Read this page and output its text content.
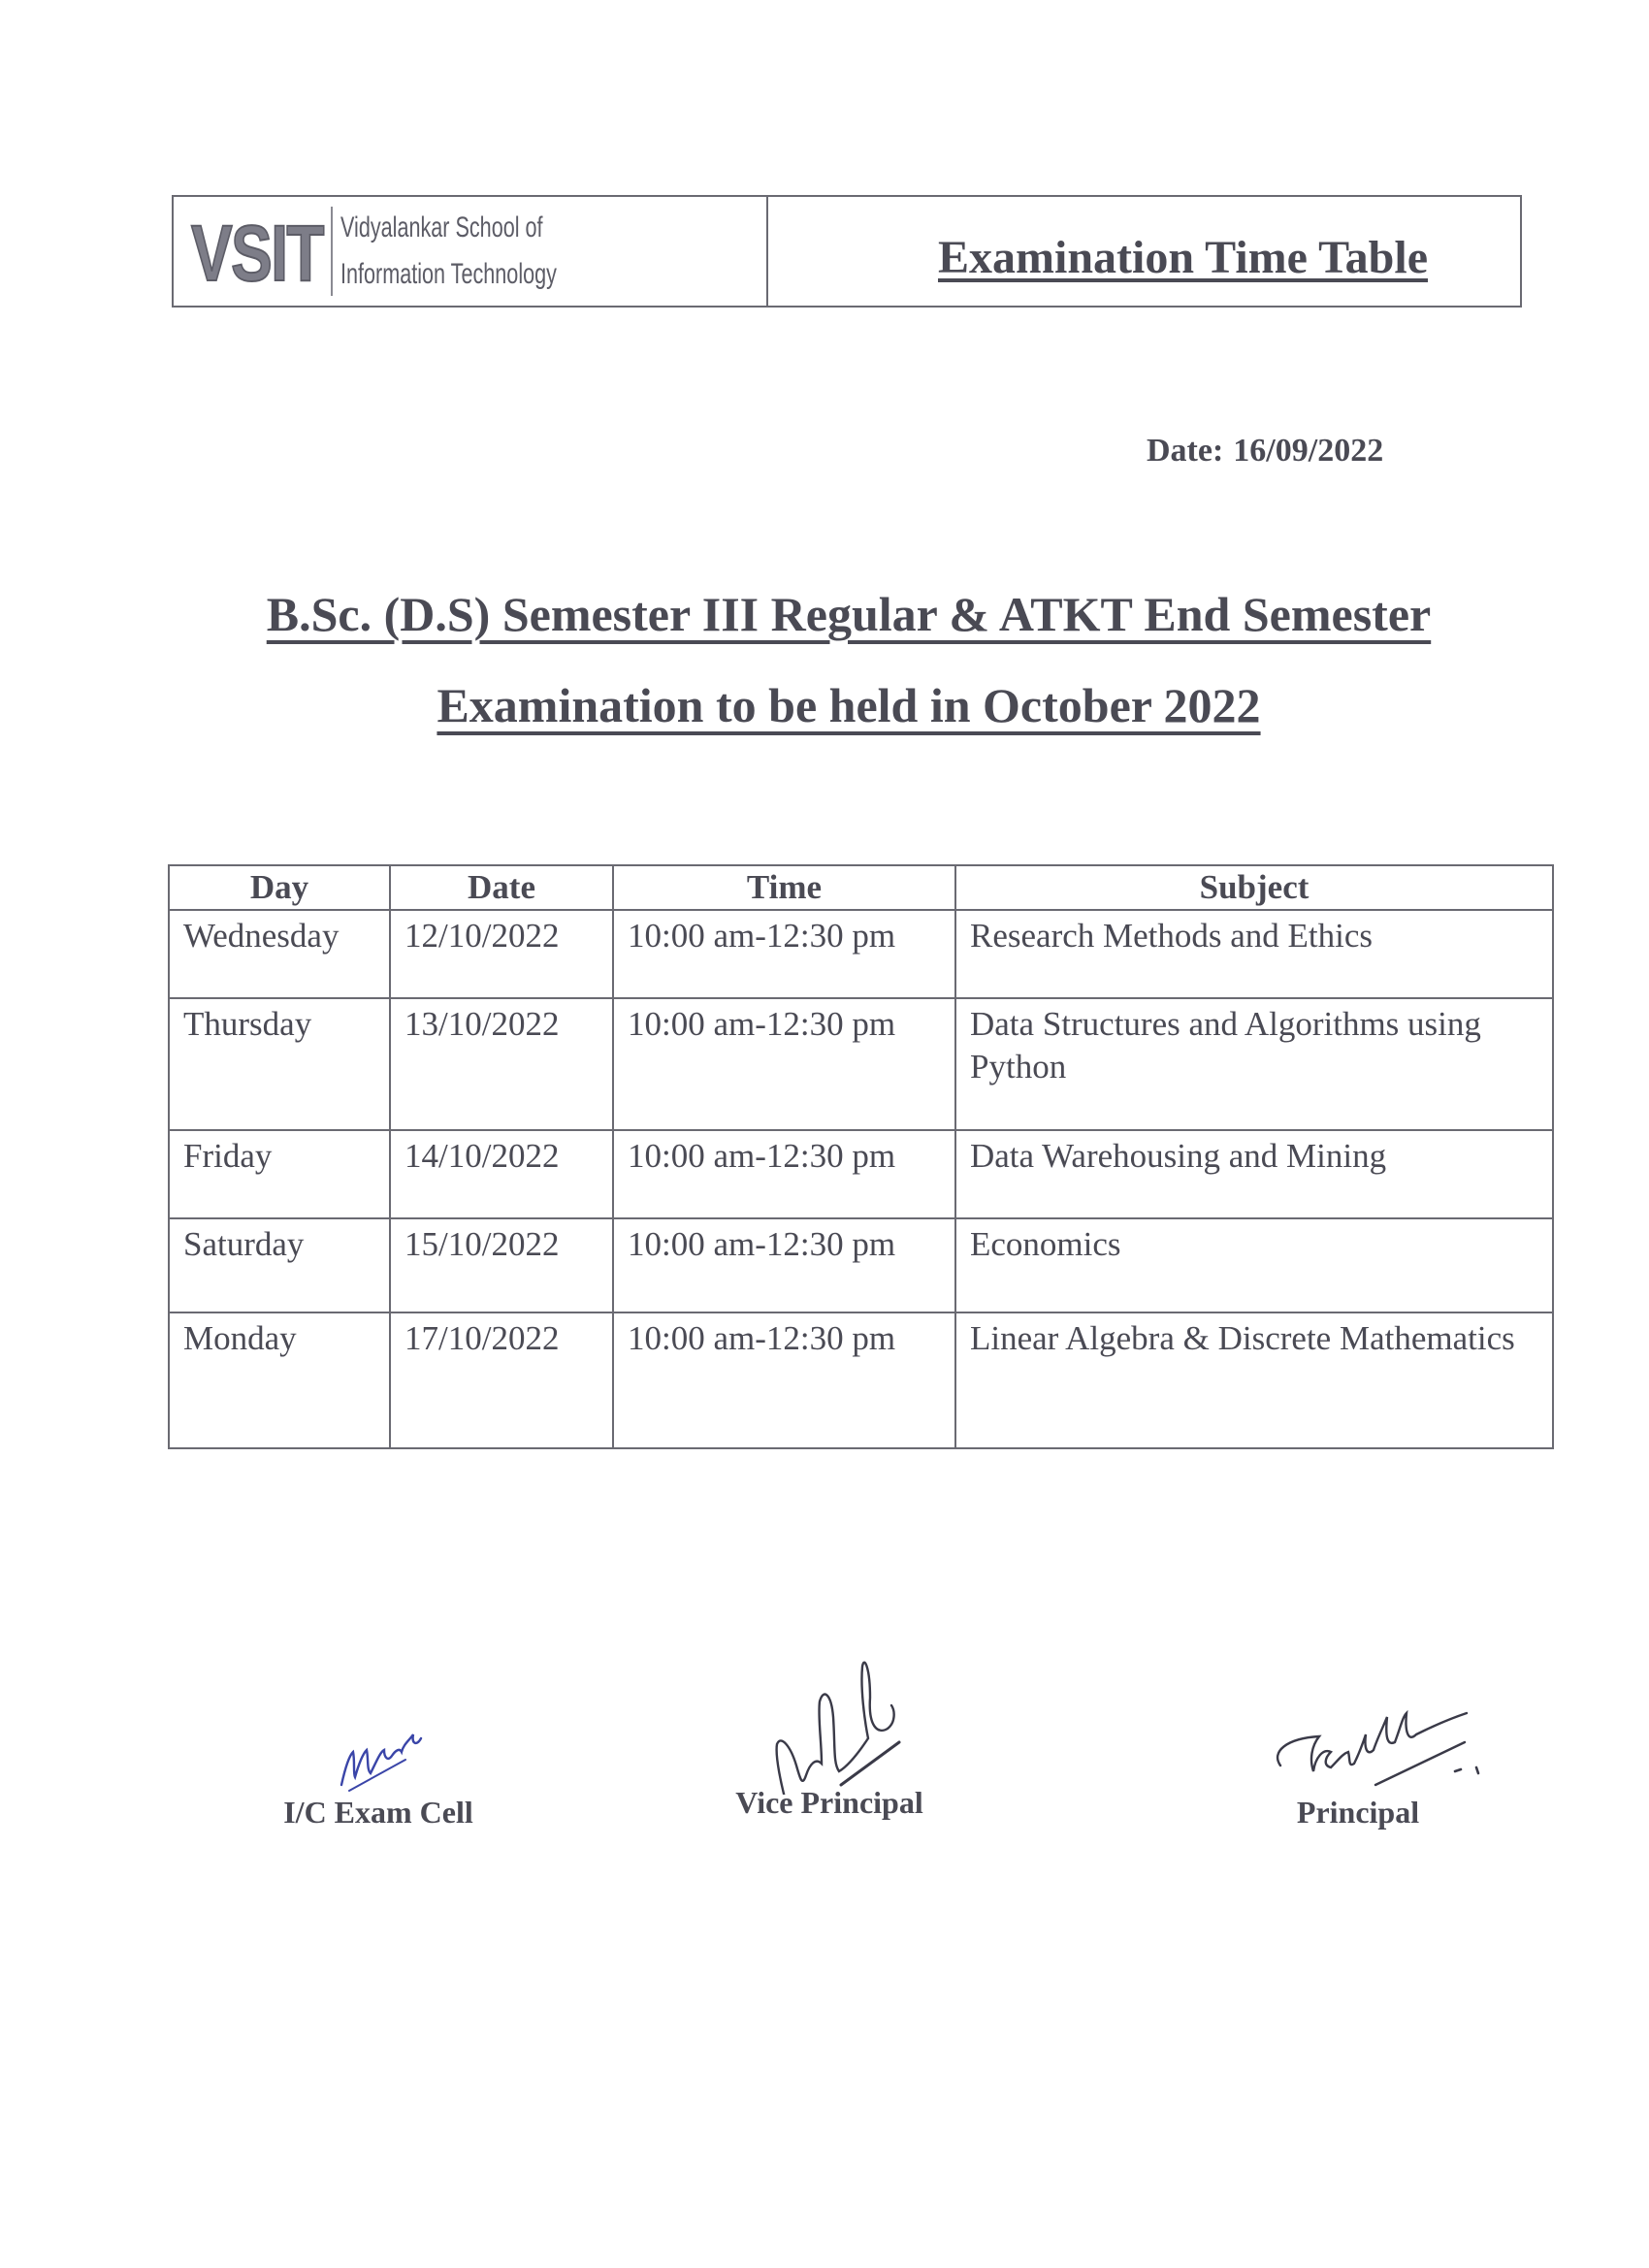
VSIT Vidyalankar School of
Information Technology	Examination Time Table
Date: 16/09/2022
B.Sc. (D.S) Semester III Regular & ATKT End Semester
Examination to be held in October 2022
Day	Date	Time	Subject
Wednesday	12/10/2022	10:00 am-12:30 pm	Research Methods and Ethics
Thursday	13/10/2022	10:00 am-12:30 pm	Data Structures and Algorithms using Python
Friday	14/10/2022	10:00 am-12:30 pm	Data Warehousing and Mining
Saturday	15/10/2022	10:00 am-12:30 pm	Economics
Monday	17/10/2022	10:00 am-12:30 pm	Linear Algebra & Discrete Mathematics
I/C Exam Cell	Vice Principal	Principal
